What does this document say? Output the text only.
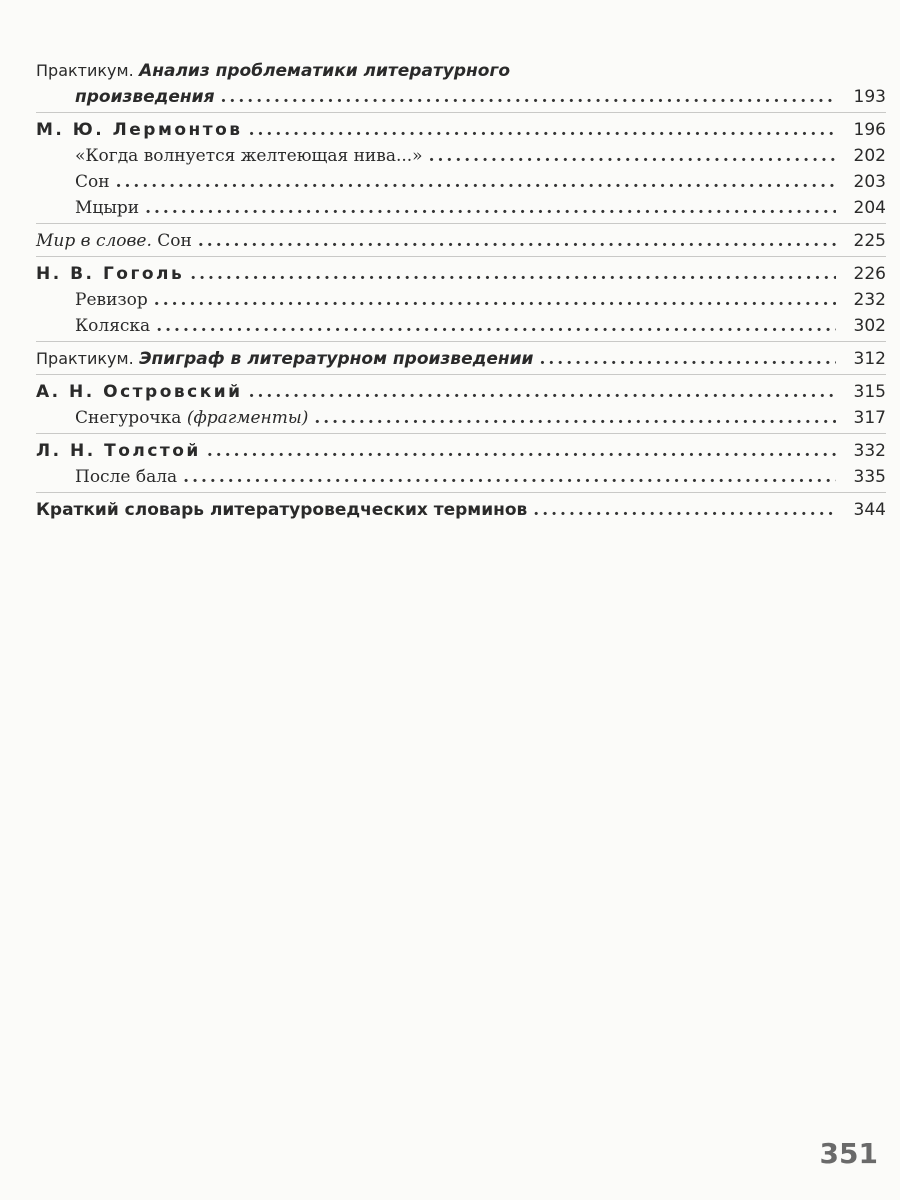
Практикум. Анализ проблематики литературного
произведения .....	193
М. Ю. Лермонтов .....	196
«Когда волнуется желтеющая нива...» .....	202
Сон .....	203
Мцыри .....	204
Мир в слове. Сон .....	225
Н. В. Гоголь .....	226
Ревизор .....	232
Коляска .....	302
Практикум. Эпиграф в литературном произведении .....	312
А. Н. Островский .....	315
Снегурочка (фрагменты) .....	317
Л. Н. Толстой .....	332
После бала .....	335
Краткий словарь литературоведческих терминов .....	344
351
